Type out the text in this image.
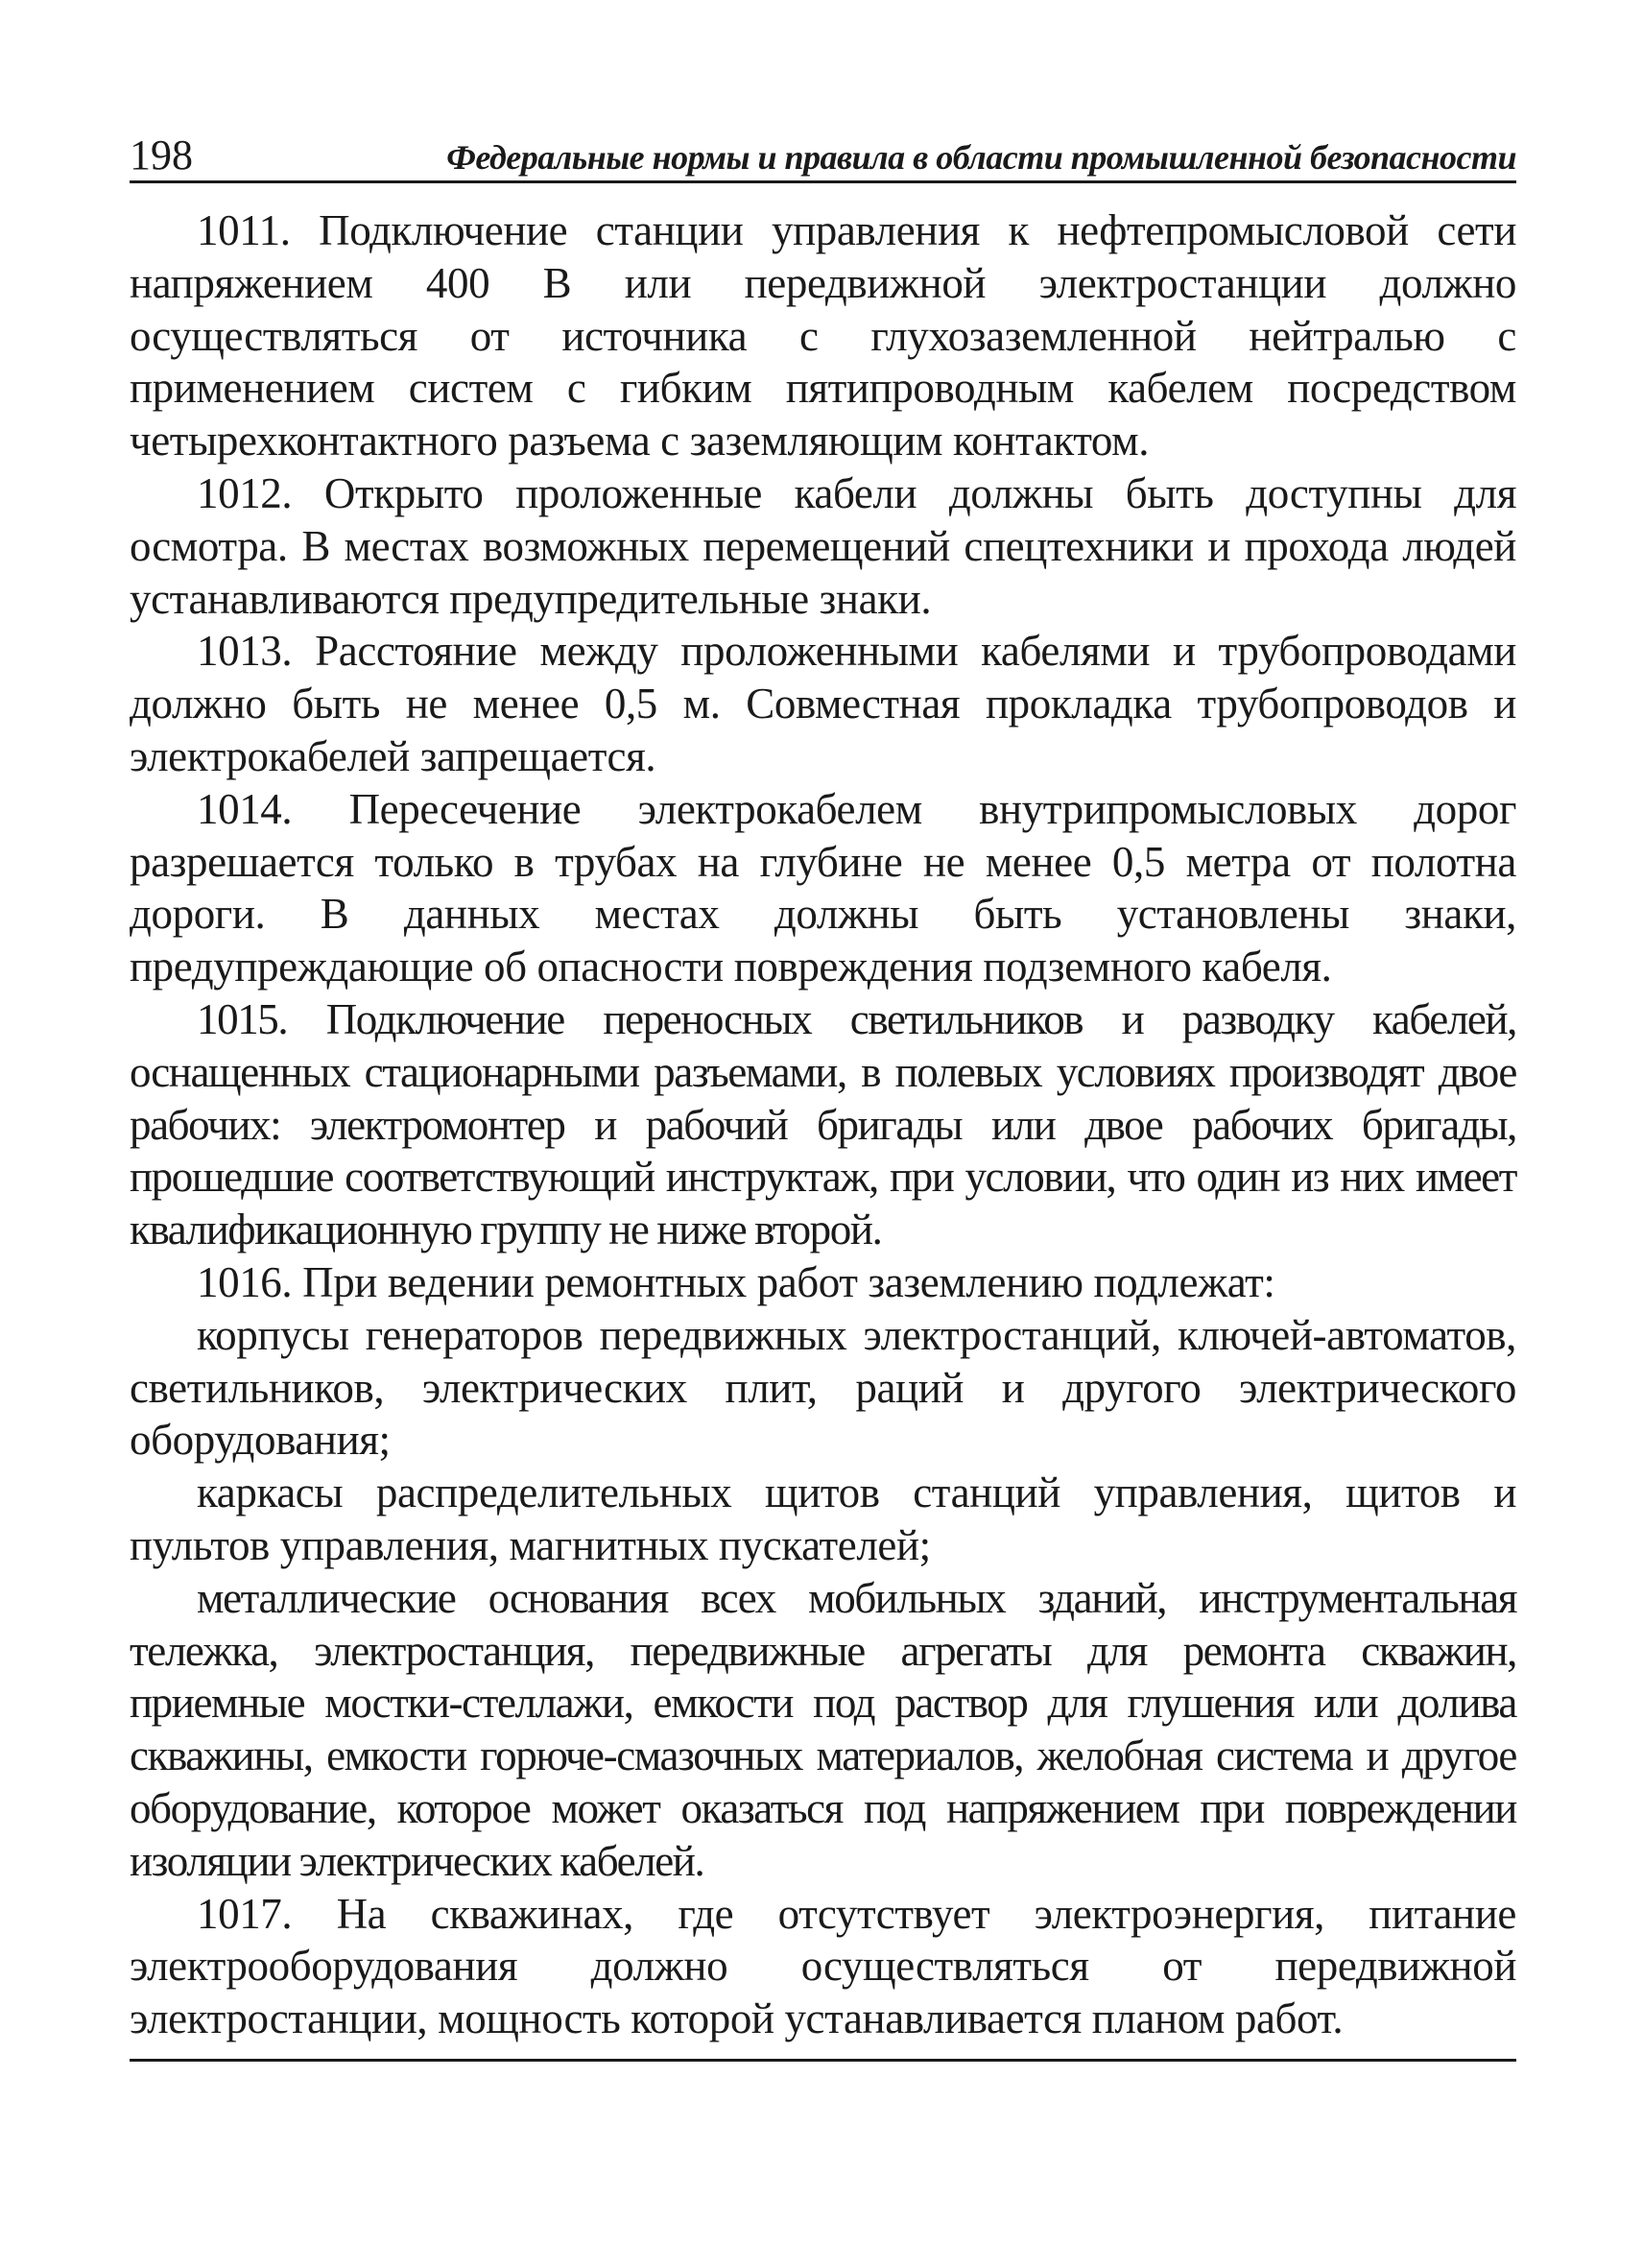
198	Федеральные нормы и правила в области промышленной безопасности

1011. Подключение станции управления к нефтепромысловой сети напряжением 400 В или передвижной электростанции должно осуществляться от источника с глухозаземленной нейтралью с применением систем с гибким пятипроводным кабелем посредством четырехконтактного разъема с заземляющим контактом.

1012. Открыто проложенные кабели должны быть доступны для осмотра. В местах возможных перемещений спецтехники и прохода людей устанавливаются предупредительные знаки.

1013. Расстояние между проложенными кабелями и трубопроводами должно быть не менее 0,5 м. Совместная прокладка трубопроводов и электрокабелей запрещается.

1014. Пересечение электрокабелем внутрипромысловых дорог разрешается только в трубах на глубине не менее 0,5 метра от полотна дороги. В данных местах должны быть установлены знаки, предупреждающие об опасности повреждения подземного кабеля.

1015. Подключение переносных светильников и разводку кабелей, оснащенных стационарными разъемами, в полевых условиях производят двое рабочих: электромонтер и рабочий бригады или двое рабочих бригады, прошедшие соответствующий инструктаж, при условии, что один из них имеет квалификационную группу не ниже второй.

1016. При ведении ремонтных работ заземлению подлежат:

корпусы генераторов передвижных электростанций, ключей-автоматов, светильников, электрических плит, раций и другого электрического оборудования;

каркасы распределительных щитов станций управления, щитов и пультов управления, магнитных пускателей;

металлические основания всех мобильных зданий, инструментальная тележка, электростанция, передвижные агрегаты для ремонта скважин, приемные мостки-стеллажи, емкости под раствор для глушения или долива скважины, емкости горюче-смазочных материалов, желобная система и другое оборудование, которое может оказаться под напряжением при повреждении изоляции электрических кабелей.

1017. На скважинах, где отсутствует электроэнергия, питание электрооборудования должно осуществляться от передвижной электростанции, мощность которой устанавливается планом работ.
